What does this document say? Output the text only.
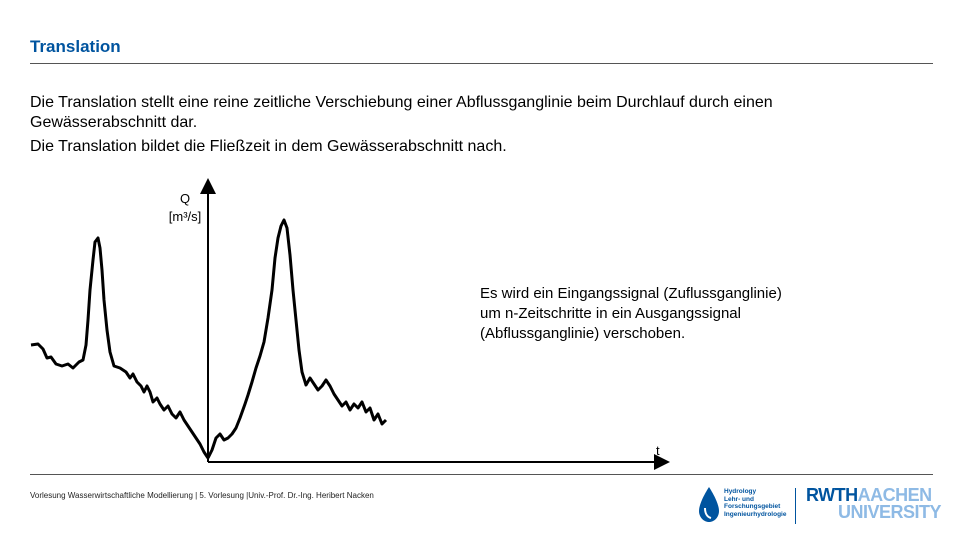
Translation

Die Translation stellt eine reine zeitliche Verschiebung einer Abflussganglinie beim Durchlauf durch einen Gewässerabschnitt dar.

Die Translation bildet die Fließzeit in dem Gewässerabschnitt nach.

Q
[m³/s]
t

Es wird ein Eingangssignal (Zuflussganglinie)

um n-Zeitschritte in ein Ausgangssignal

(Abflussganglinie) verschoben.

Vorlesung Wasserwirtschaftliche Modellierung | 5. Vorlesung |Univ.-Prof. Dr.-Ing. Heribert Nacken	Hydrology
Lehr- und
Forschungsgebiet
Ingenieurhydrologie
RWTHAACHEN
UNIVERSITY
